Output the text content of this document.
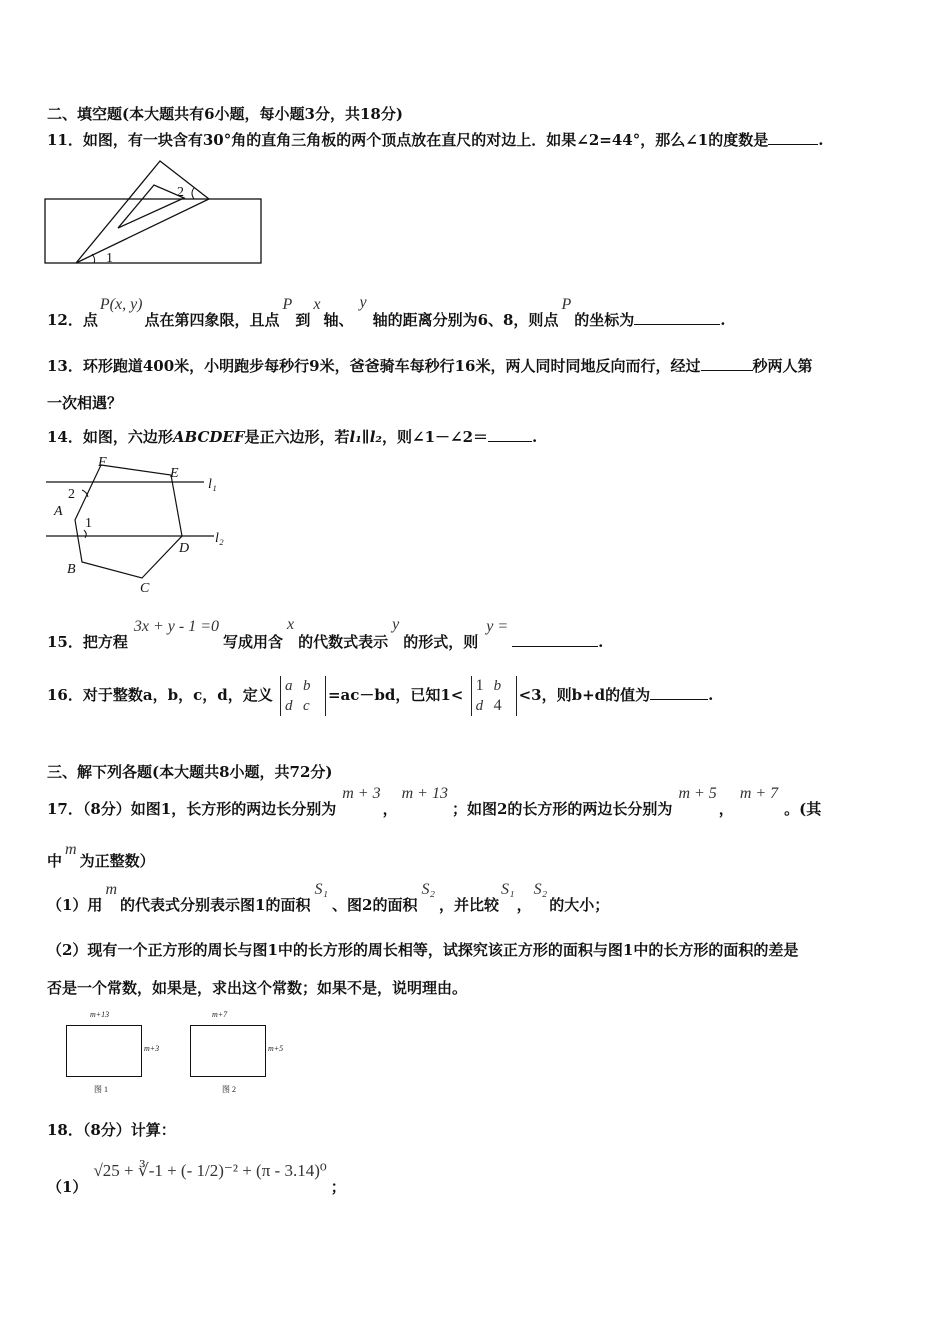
二、填空题(本大题共有6小题，每小题3分，共18分)
11．如图，有一块含有30°角的直角三角板的两个顶点放在直尺的对边上．如果∠2=44°，那么∠1的度数是	.
1
2
12．点P(x, y)点在第四象限，且点P到x轴、y轴的距离分别为6、8，则点P的坐标为	.
13．环形跑道400米，小明跑步每秒行9米，爸爸骑车每秒行16米，两人同时同地反向而行，经过	秒两人第
一次相遇？
14．如图，六边形ABCDEF是正六边形，若l₁∥l₂，则∠1－∠2＝	.
F
E
A
B
C
D
l₁
l₂
1
2
15．把方程3x + y - 1 =0写成用含x的代数式表示y的形式，则y =.
16．对于整数a，b，c，d，定义 a b
d c=ac－bd，已知1< 1 b
d 4<3，则b+d的值为	.
三、解下列各题(本大题共8小题，共72分)
17．（8分）如图1，长方形的两边长分别为m + 3，m + 13；如图2的长方形的两边长分别为m + 5，m + 7。(其
中m为正整数）
（1）用m的代表式分别表示图1的面积S₁、图2的面积S₂，并比较S₁，S₂的大小；
（2）现有一个正方形的周长与图1中的长方形的周长相等，试探究该正方形的面积与图1中的长方形的面积的差是
否是一个常数，如果是，求出这个常数；如果不是，说明理由。
m+13
m+3
图 1
m+7
m+5
图 2
18．（8分）计算：
（1）√25 + ∛-1 + (- 1/2)⁻² + (π - 3.14)⁰；
